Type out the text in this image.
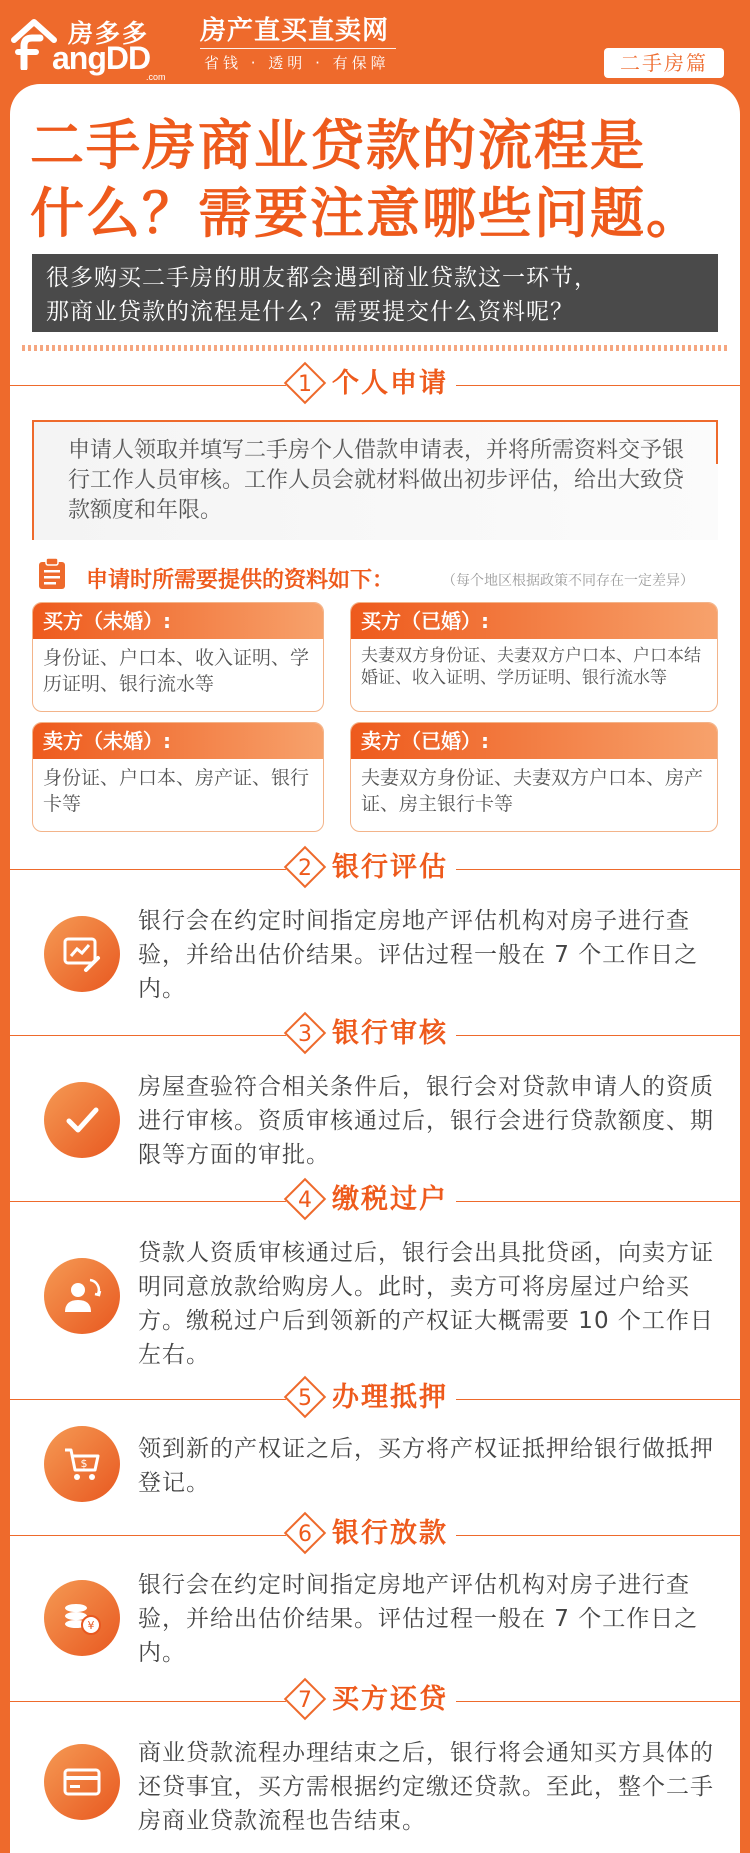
房多多
angDD
.com
房产直买直卖网
省钱 · 透明 · 有保障	二手房篇
二手房商业贷款的流程是
什么？需要注意哪些问题。
很多购买二手房的朋友都会遇到商业贷款这一环节，
那商业贷款的流程是什么？需要提交什么资料呢？
1 个人申请
申请人领取并填写二手房个人借款申请表，并将所需资料交予银行工作人员审核。工作人员会就材料做出初步评估，给出大致贷款额度和年限。
申请时所需要提供的资料如下：	（每个地区根据政策不同存在一定差异）
买方（未婚）:
身份证、户口本、收入证明、学历证明、银行流水等
买方（已婚）:
夫妻双方身份证、夫妻双方户口本、户口本结婚证、收入证明、学历证明、银行流水等
卖方（未婚）:
身份证、户口本、房产证、银行卡等
卖方（已婚）:
夫妻双方身份证、夫妻双方户口本、房产证、房主银行卡等
2 银行评估
银行会在约定时间指定房地产评估机构对房子进行查验，并给出估价结果。评估过程一般在 7 个工作日之内。
3 银行审核
房屋查验符合相关条件后，银行会对贷款申请人的资质进行审核。资质审核通过后，银行会进行贷款额度、期限等方面的审批。
4 缴税过户
贷款人资质审核通过后，银行会出具批贷函，向卖方证明同意放款给购房人。此时，卖方可将房屋过户给买方。缴税过户后到领新的产权证大概需要 10 个工作日左右。
5 办理抵押
$
领到新的产权证之后，买方将产权证抵押给银行做抵押登记。
6 银行放款
¥
银行会在约定时间指定房地产评估机构对房子进行查验，并给出估价结果。评估过程一般在 7 个工作日之内。
7 买方还贷
商业贷款流程办理结束之后，银行将会通知买方具体的还贷事宜，买方需根据约定缴还贷款。至此，整个二手房商业贷款流程也告结束。
